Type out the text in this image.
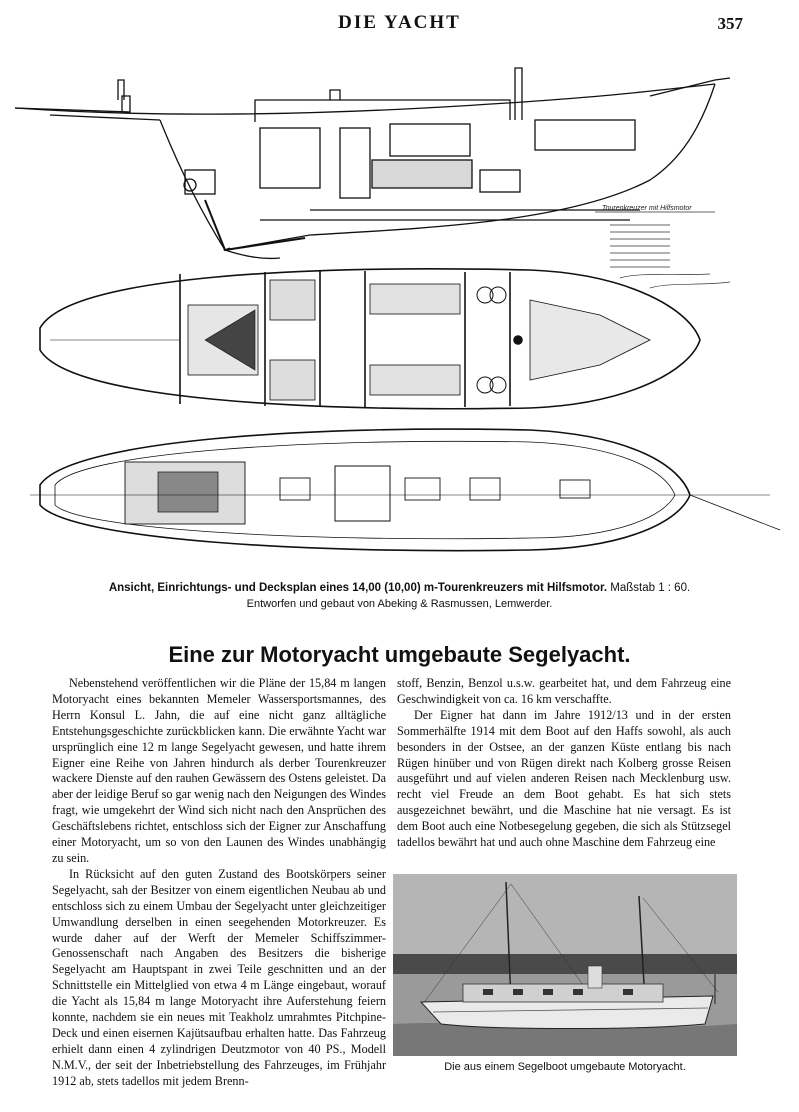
DIE YACHT	357
Tourenkreuzer mit Hilfsmotor
Ansicht, Einrichtungs- und Decksplan eines 14,00 (10,00) m-Tourenkreuzers mit Hilfsmotor. Maßstab 1 : 60.
Entworfen und gebaut von Abeking & Rasmussen, Lemwerder.
Eine zur Motoryacht umgebaute Segelyacht.

Nebenstehend veröffentlichen wir die Pläne der 15,84 m langen Motoryacht eines bekannten Memeler Wassersportsmannes, des Herrn Konsul L. Jahn, die auf eine nicht ganz alltägliche Entstehungsgeschichte zurückblicken kann. Die erwähnte Yacht war ursprünglich eine 12 m lange Segelyacht gewesen, und hatte ihrem Eigner eine Reihe von Jahren hindurch als derber Tourenkreuzer wackere Dienste auf den rauhen Gewässern des Ostens geleistet. Da aber der leidige Beruf so gar wenig nach den Neigungen des Windes fragt, wie umgekehrt der Wind sich nicht nach den Ansprüchen des Geschäftslebens richtet, entschloss sich der Eigner zur Anschaffung einer Motoryacht, um so von den Launen des Windes unabhängig zu sein.

In Rücksicht auf den guten Zustand des Bootskörpers seiner Segelyacht, sah der Besitzer von einem eigentlichen Neubau ab und entschloss sich zu einem Umbau der Segelyacht unter gleichzeitiger Umwandlung derselben in einen seegehenden Motorkreuzer. Es wurde daher auf der Werft der Memeler Schiffszimmer-Genossenschaft nach Angaben des Besitzers die bisherige Segelyacht am Hauptspant in zwei Teile geschnitten und an der Schnittstelle ein Mittelglied von etwa 4 m Länge eingebaut, worauf die Yacht als 15,84 m lange Motoryacht ihre Auferstehung feiern konnte, nachdem sie ein neues mit Teakholz umrahmtes Pitchpine-Deck und einen eisernen Kajütsaufbau erhalten hatte. Das Fahrzeug erhielt dann einen 4 zylindrigen Deutzmotor von 40 PS., Modell N.M.V., der seit der Inbetriebstellung des Fahrzeuges, im Frühjahr 1912 ab, stets tadellos mit jedem Brenn-

stoff, Benzin, Benzol u.s.w. gearbeitet hat, und dem Fahrzeug eine Geschwindigkeit von ca. 16 km verschaffte.

Der Eigner hat dann im Jahre 1912/13 und in der ersten Sommerhälfte 1914 mit dem Boot auf den Haffs sowohl, als auch besonders in der Ostsee, an der ganzen Küste entlang bis nach Rügen hinüber und von Rügen direkt nach Kolberg grosse Reisen ausgeführt und auf vielen anderen Reisen nach Mecklenburg usw. recht viel Freude an dem Boot gehabt. Es hat sich stets ausgezeichnet bewährt, und die Maschine hat nie versagt. Es ist dem Boot auch eine Notbesegelung gegeben, die sich als Stützsegel tadellos bewährt hat und auch ohne Maschine dem Fahrzeug eine

Die aus einem Segelboot umgebaute Motoryacht.
